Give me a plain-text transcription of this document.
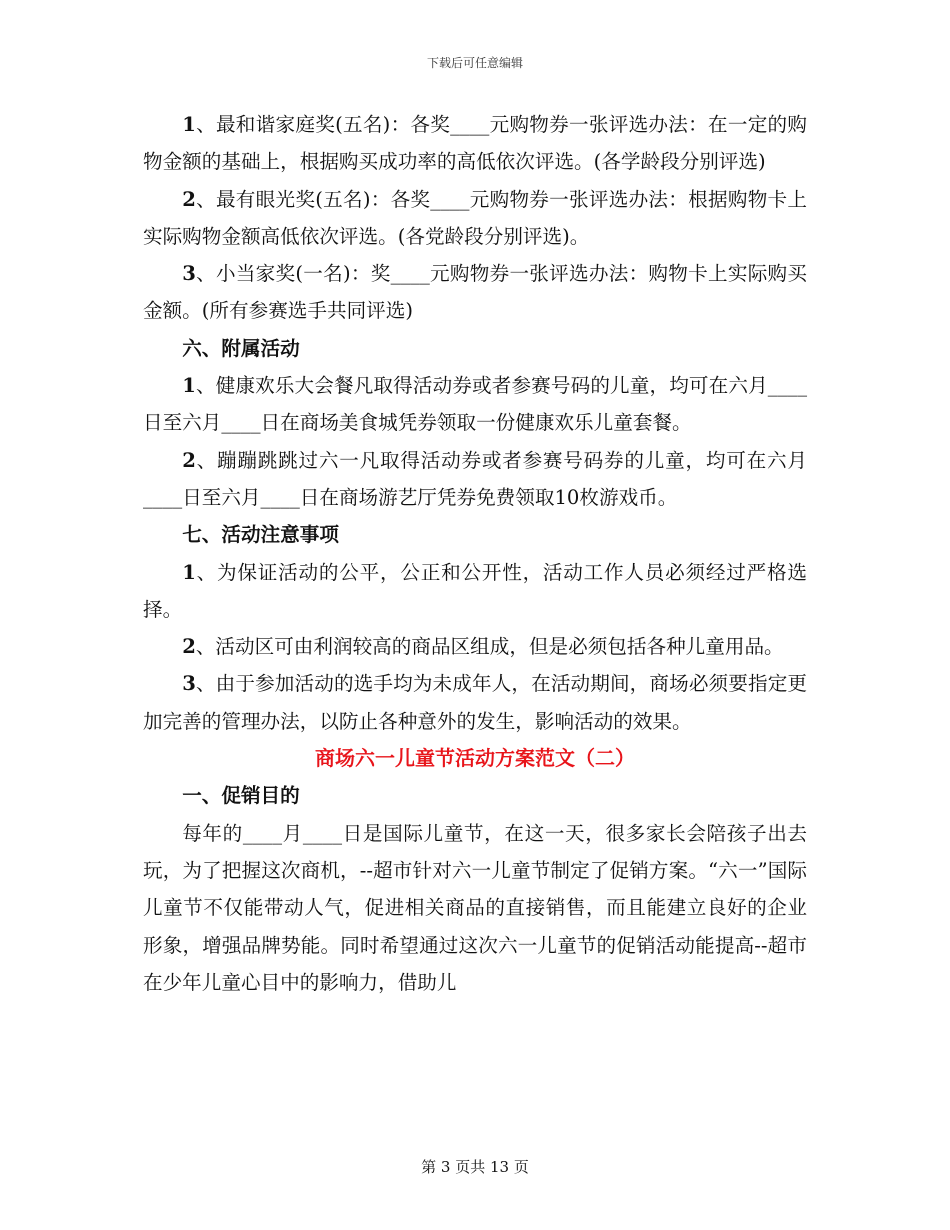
下载后可任意编辑

1、最和谐家庭奖(五名)：各奖____元购物券一张评选办法：在一定的购物金额的基础上，根据购买成功率的高低依次评选。(各学龄段分别评选)

2、最有眼光奖(五名)：各奖____元购物券一张评选办法：根据购物卡上实际购物金额高低依次评选。(各党龄段分别评选)。

3、小当家奖(一名)：奖____元购物券一张评选办法：购物卡上实际购买金额。(所有参赛选手共同评选)

六、附属活动

1、健康欢乐大会餐凡取得活动券或者参赛号码的儿童，均可在六月____日至六月____日在商场美食城凭券领取一份健康欢乐儿童套餐。

2、蹦蹦跳跳过六一凡取得活动券或者参赛号码券的儿童，均可在六月____日至六月____日在商场游艺厅凭券免费领取10枚游戏币。

七、活动注意事项

1、为保证活动的公平，公正和公开性，活动工作人员必须经过严格选择。

2、活动区可由利润较高的商品区组成，但是必须包括各种儿童用品。

3、由于参加活动的选手均为未成年人，在活动期间，商场必须要指定更加完善的管理办法，以防止各种意外的发生，影响活动的效果。

商场六一儿童节活动方案范文（二）

一、促销目的

每年的____月____日是国际儿童节，在这一天，很多家长会陪孩子出去玩，为了把握这次商机，--超市针对六一儿童节制定了促销方案。“六一”国际儿童节不仅能带动人气，促进相关商品的直接销售，而且能建立良好的企业形象，增强品牌势能。同时希望通过这次六一儿童节的促销活动能提高--超市在少年儿童心目中的影响力，借助儿

第 3 页共 13 页
